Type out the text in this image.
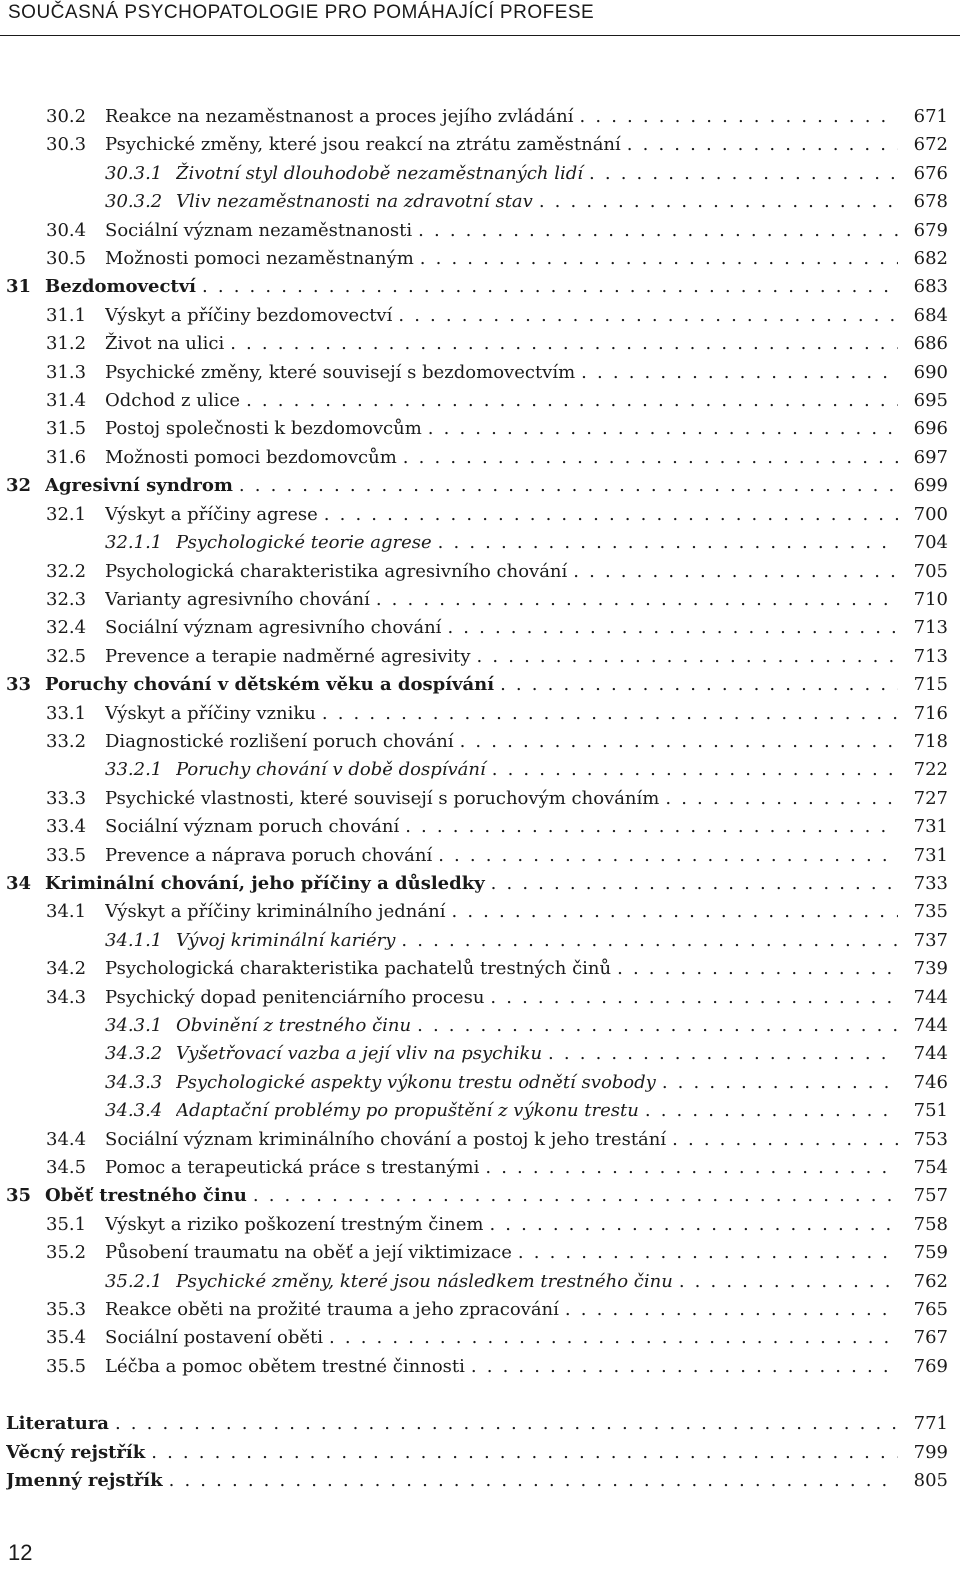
SOUČASNÁ PSYCHOPATOLOGIE PRO POMÁHAJÍCÍ PROFESE
30.2 Reakce na nezaměstnanost a proces jejího zvládání . . .	671
30.3 Psychické změny, které jsou reakcí na ztrátu zaměstnání . . .	672
30.3.1 Životní styl dlouhodobě nezaměstnaných lidí . . .	676
30.3.2 Vliv nezaměstnanosti na zdravotní stav . . .	678
30.4 Sociální význam nezaměstnanosti . . .	679
30.5 Možnosti pomoci nezaměstnaným . . .	682
31 Bezdomovectví . . .	683
31.1 Výskyt a příčiny bezdomovectví . . .	684
31.2 Život na ulici . . .	686
31.3 Psychické změny, které souvisejí s bezdomovectvím . . .	690
31.4 Odchod z ulice . . .	695
31.5 Postoj společnosti k bezdomovcům . . .	696
31.6 Možnosti pomoci bezdomovcům . . .	697
32 Agresivní syndrom . . .	699
32.1 Výskyt a příčiny agrese . . .	700
32.1.1 Psychologické teorie agrese . . .	704
32.2 Psychologická charakteristika agresivního chování . . .	705
32.3 Varianty agresivního chování . . .	710
32.4 Sociální význam agresivního chování . . .	713
32.5 Prevence a terapie nadměrné agresivity . . .	713
33 Poruchy chování v dětském věku a dospívání . . .	715
33.1 Výskyt a příčiny vzniku . . .	716
33.2 Diagnostické rozlišení poruch chování . . .	718
33.2.1 Poruchy chování v době dospívání . . .	722
33.3 Psychické vlastnosti, které souvisejí s poruchovým chováním . . .	727
33.4 Sociální význam poruch chování . . .	731
33.5 Prevence a náprava poruch chování . . .	731
34 Kriminální chování, jeho příčiny a důsledky . . .	733
34.1 Výskyt a příčiny kriminálního jednání . . .	735
34.1.1 Vývoj kriminální kariéry . . .	737
34.2 Psychologická charakteristika pachatelů trestných činů . . .	739
34.3 Psychický dopad penitenciárního procesu . . .	744
34.3.1 Obvinění z trestného činu . . .	744
34.3.2 Vyšetřovací vazba a její vliv na psychiku . . .	744
34.3.3 Psychologické aspekty výkonu trestu odnětí svobody . . .	746
34.3.4 Adaptační problémy po propuštění z výkonu trestu . . .	751
34.4 Sociální význam kriminálního chování a postoj k jeho trestání . . .	753
34.5 Pomoc a terapeutická práce s trestanými . . .	754
35 Oběť trestného činu . . .	757
35.1 Výskyt a riziko poškození trestným činem . . .	758
35.2 Působení traumatu na oběť a její viktimizace . . .	759
35.2.1 Psychické změny, které jsou následkem trestného činu . . .	762
35.3 Reakce oběti na prožité trauma a jeho zpracování . . .	765
35.4 Sociální postavení oběti . . .	767
35.5 Léčba a pomoc obětem trestné činnosti . . .	769
Literatura . . .	771
Věcný rejstřík . . .	799
Jmenný rejstřík . . .	805
12
